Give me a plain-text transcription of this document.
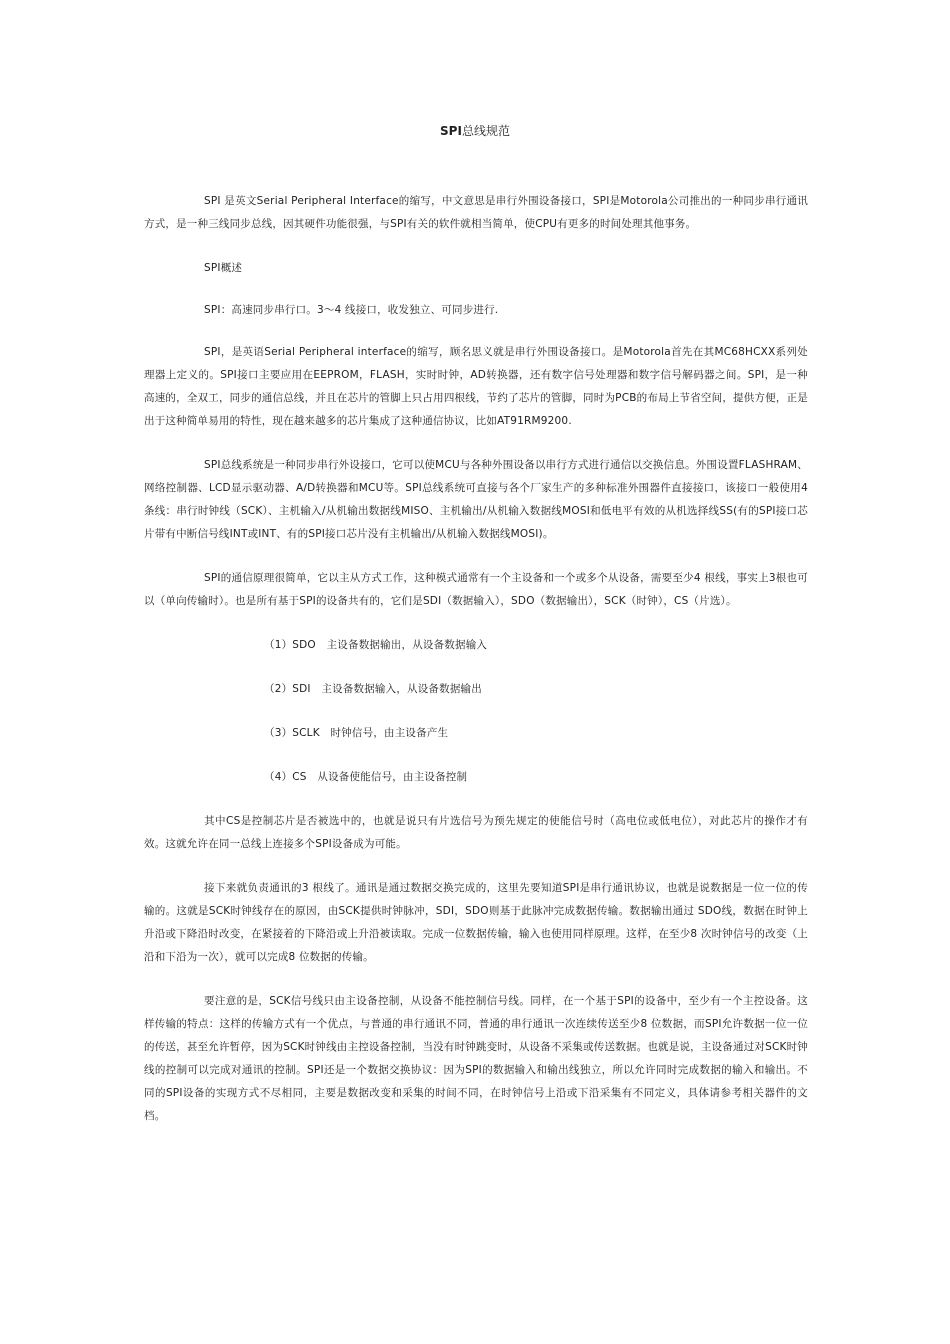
SPI总线规范

SPI 是英文Serial Peripheral Interface的缩写，中文意思是串行外围设备接口，SPI是Motorola公司推出的一种同步串行通讯方式，是一种三线同步总线，因其硬件功能很强，与SPI有关的软件就相当简单，使CPU有更多的时间处理其他事务。

SPI概述

SPI：高速同步串行口。3～4 线接口，收发独立、可同步进行.

SPI，是英语Serial Peripheral interface的缩写，顾名思义就是串行外围设备接口。是Motorola首先在其MC68HCXX系列处理器上定义的。SPI接口主要应用在EEPROM，FLASH，实时时钟，AD转换器，还有数字信号处理器和数字信号解码器之间。SPI，是一种高速的，全双工，同步的通信总线，并且在芯片的管脚上只占用四根线，节约了芯片的管脚，同时为PCB的布局上节省空间，提供方便，正是出于这种简单易用的特性，现在越来越多的芯片集成了这种通信协议，比如AT91RM9200.

SPI总线系统是一种同步串行外设接口，它可以使MCU与各种外围设备以串行方式进行通信以交换信息。外围设置FLASHRAM、网络控制器、LCD显示驱动器、A/D转换器和MCU等。SPI总线系统可直接与各个厂家生产的多种标准外围器件直接接口，该接口一般使用4 条线：串行时钟线（SCK）、主机输入/从机输出数据线MISO、主机输出/从机输入数据线MOSI和低电平有效的从机选择线SS(有的SPI接口芯片带有中断信号线INT或INT、有的SPI接口芯片没有主机输出/从机输入数据线MOSI)。

SPI的通信原理很简单，它以主从方式工作，这种模式通常有一个主设备和一个或多个从设备，需要至少4 根线，事实上3根也可以（单向传输时）。也是所有基于SPI的设备共有的，它们是SDI（数据输入），SDO（数据输出），SCK（时钟），CS（片选）。

（1）SDO　 主设备数据输出，从设备数据输入

（2）SDI　 主设备数据输入，从设备数据输出

（3）SCLK　 时钟信号，由主设备产生

（4）CS　 从设备使能信号，由主设备控制

其中CS是控制芯片是否被选中的，也就是说只有片选信号为预先规定的使能信号时（高电位或低电位），对此芯片的操作才有效。这就允许在同一总线上连接多个SPI设备成为可能。

接下来就负责通讯的3 根线了。通讯是通过数据交换完成的，这里先要知道SPI是串行通讯协议，也就是说数据是一位一位的传输的。这就是SCK时钟线存在的原因，由SCK提供时钟脉冲，SDI，SDO则基于此脉冲完成数据传输。数据输出通过 SDO线，数据在时钟上升沿或下降沿时改变，在紧接着的下降沿或上升沿被读取。完成一位数据传输，输入也使用同样原理。这样，在至少8 次时钟信号的改变（上沿和下沿为一次），就可以完成8 位数据的传输。

要注意的是，SCK信号线只由主设备控制，从设备不能控制信号线。同样，在一个基于SPI的设备中，至少有一个主控设备。这样传输的特点：这样的传输方式有一个优点，与普通的串行通讯不同，普通的串行通讯一次连续传送至少8 位数据，而SPI允许数据一位一位的传送，甚至允许暂停，因为SCK时钟线由主控设备控制，当没有时钟跳变时，从设备不采集或传送数据。也就是说，主设备通过对SCK时钟线的控制可以完成对通讯的控制。SPI还是一个数据交换协议：因为SPI的数据输入和输出线独立，所以允许同时完成数据的输入和输出。不同的SPI设备的实现方式不尽相同，主要是数据改变和采集的时间不同，在时钟信号上沿或下沿采集有不同定义，具体请参考相关器件的文档。
